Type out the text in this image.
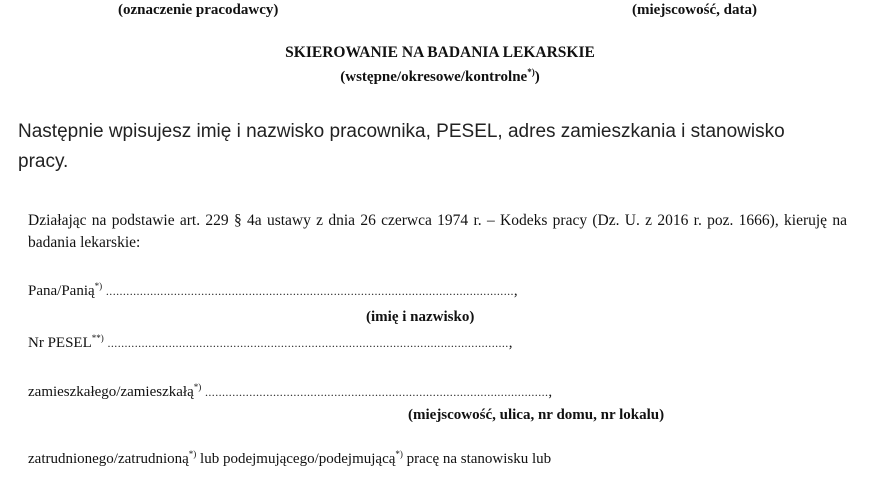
(oznaczenie pracodawcy)	(miejscowość, data)
SKIEROWANIE NA BADANIA LEKARSKIE
(wstępne/okresowe/kontrolne*))
Następnie wpisujesz imię i nazwisko pracownika, PESEL, adres zamieszkania i stanowisko pracy.
Działając na podstawie art. 229 § 4a ustawy z dnia 26 czerwca 1974 r. – Kodeks pracy (Dz. U. z 2016 r. poz. 1666), kieruję na badania lekarskie:
Pana/Panią*) ........................................................................................................................,
(imię i nazwisko)
Nr PESEL**) ......................................................................................................................,
zamieszkałego/zamieszkałą*) .....................................................................................................,
(miejscowość, ulica, nr domu, nr lokalu)
zatrudnionego/zatrudnioną*) lub podejmującego/podejmującą*) pracę na stanowisku lub
